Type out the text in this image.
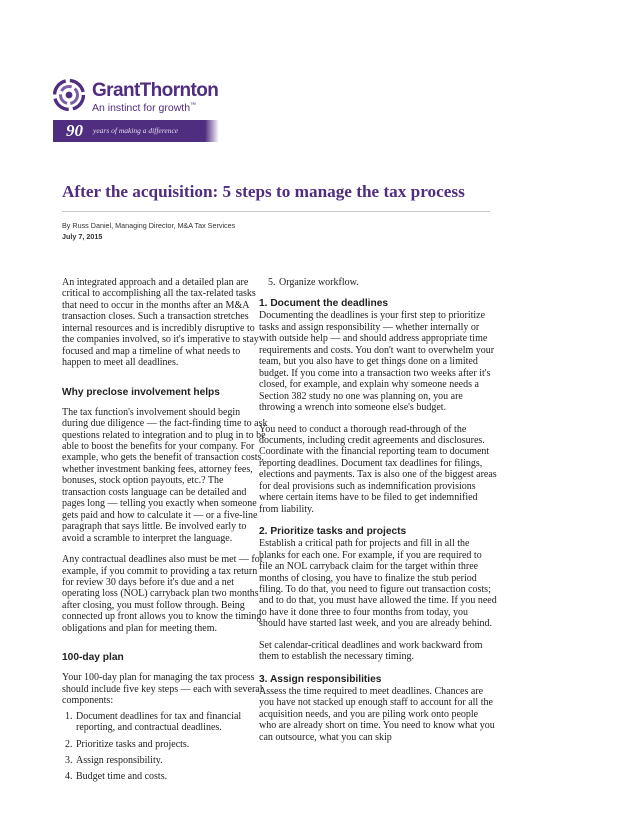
GrantThornton
An instinct for growth™
90 years of making a difference
After the acquisition: 5 steps to manage the tax process
By Russ Daniel, Managing Director, M&A Tax Services
July 7, 2015

An integrated approach and a detailed plan are critical to accomplishing all the tax-related tasks that need to occur in the months after an M&A transaction closes. Such a transaction stretches internal resources and is incredibly disruptive to the companies involved, so it's imperative to stay focused and map a timeline of what needs to happen to meet all deadlines.

Why preclose involvement helps

The tax function's involvement should begin during due diligence — the fact-finding time to ask questions related to integration and to plug in to be able to boost the benefits for your company. For example, who gets the benefit of transaction costs, whether investment banking fees, attorney fees, bonuses, stock option payouts, etc.? The transaction costs language can be detailed and pages long — telling you exactly when someone gets paid and how to calculate it — or a five-line paragraph that says little. Be involved early to avoid a scramble to interpret the language.

Any contractual deadlines also must be met — for example, if you commit to providing a tax return for review 30 days before it's due and a net operating loss (NOL) carryback plan two months after closing, you must follow through. Being connected up front allows you to know the timing obligations and plan for meeting them.

100-day plan

Your 100-day plan for managing the tax process should include five key steps — each with several components:

1. Document deadlines for tax and financial reporting, and contractual deadlines.
2. Prioritize tasks and projects.
3. Assign responsibility.
4. Budget time and costs.
5. Organize workflow.
1. Document the deadlines

Documenting the deadlines is your first step to prioritize tasks and assign responsibility — whether internally or with outside help — and should address appropriate time requirements and costs. You don't want to overwhelm your team, but you also have to get things done on a limited budget. If you come into a transaction two weeks after it's closed, for example, and explain why someone needs a Section 382 study no one was planning on, you are throwing a wrench into someone else's budget.

You need to conduct a thorough read-through of the documents, including credit agreements and disclosures. Coordinate with the financial reporting team to document reporting deadlines. Document tax deadlines for filings, elections and payments. Tax is also one of the biggest areas for deal provisions such as indemnification provisions where certain items have to be filed to get indemnified from liability.

2. Prioritize tasks and projects

Establish a critical path for projects and fill in all the blanks for each one. For example, if you are required to file an NOL carryback claim for the target within three months of closing, you have to finalize the stub period filing. To do that, you need to figure out transaction costs; and to do that, you must have allowed the time. If you need to have it done three to four months from today, you should have started last week, and you are already behind.

Set calendar-critical deadlines and work backward from them to establish the necessary timing.

3. Assign responsibilities

Assess the time required to meet deadlines. Chances are you have not stacked up enough staff to account for all the acquisition needs, and you are piling work onto people who are already short on time. You need to know what you can outsource, what you can skip
